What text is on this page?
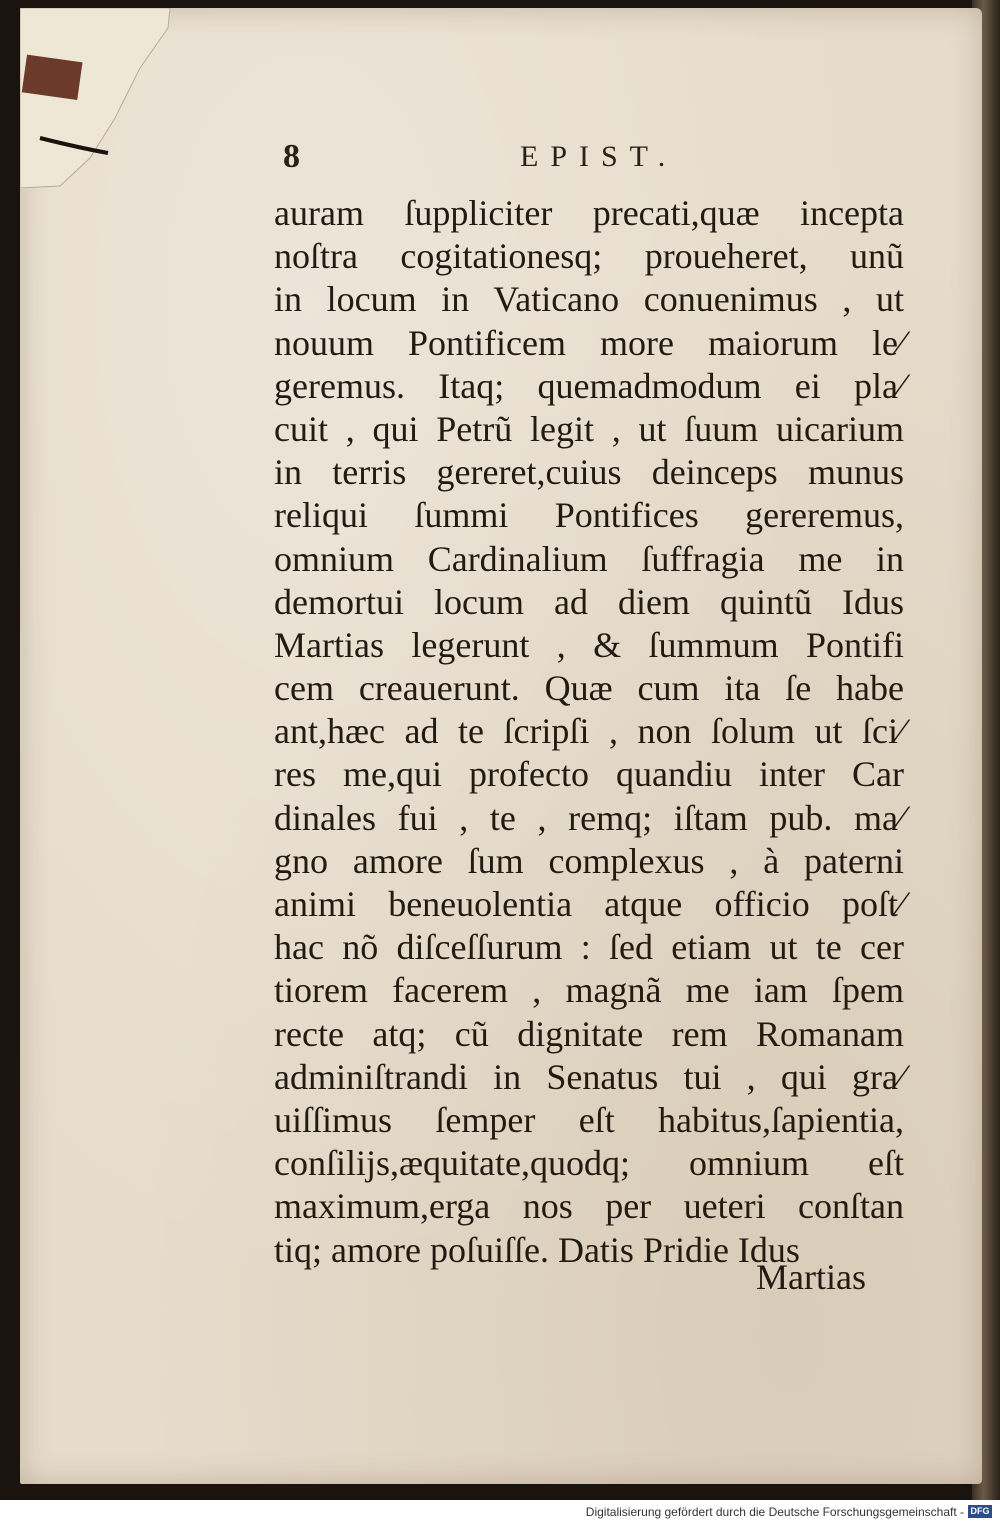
8	EPIST.
auram ſuppliciter precati,quæ incepta
noſtra cogitationesq; proueheret, unũ
in locum in Vaticano conuenimus , ut
nouum Pontificem more maiorum le⁄
geremus. Itaq; quemadmodum ei pla⁄
cuit , qui Petrũ legit , ut ſuum uicarium
in terris gereret,cuius deinceps munus
reliqui ſummi Pontifices gereremus,
omnium Cardinalium ſuffragia me in
demortui locum ad diem quintũ Idus
Martias legerunt , & ſummum Pontifi
cem creauerunt. Quæ cum ita ſe habe
ant,hæc ad te ſcripſi , non ſolum ut ſci⁄
res me,qui profecto quandiu inter Car
dinales fui , te , remq; iſtam pub. ma⁄
gno amore ſum complexus , à paterni
animi beneuolentia atque officio poſt⁄
hac nõ diſceſſurum : ſed etiam ut te cer
tiorem facerem , magnã me iam ſpem
recte atq; cũ dignitate rem Romanam
adminiſtrandi in Senatus tui , qui gra⁄
uiſſimus ſemper eſt habitus,ſapientia,
conſilijs,æquitate,quodq; omnium eſt
maximum,erga nos per ueteri conſtan
tiq; amore poſuiſſe. Datis Pridie Idus
Martias
Digitalisierung gefördert durch die Deutsche Forschungsgemeinschaft - DFG
